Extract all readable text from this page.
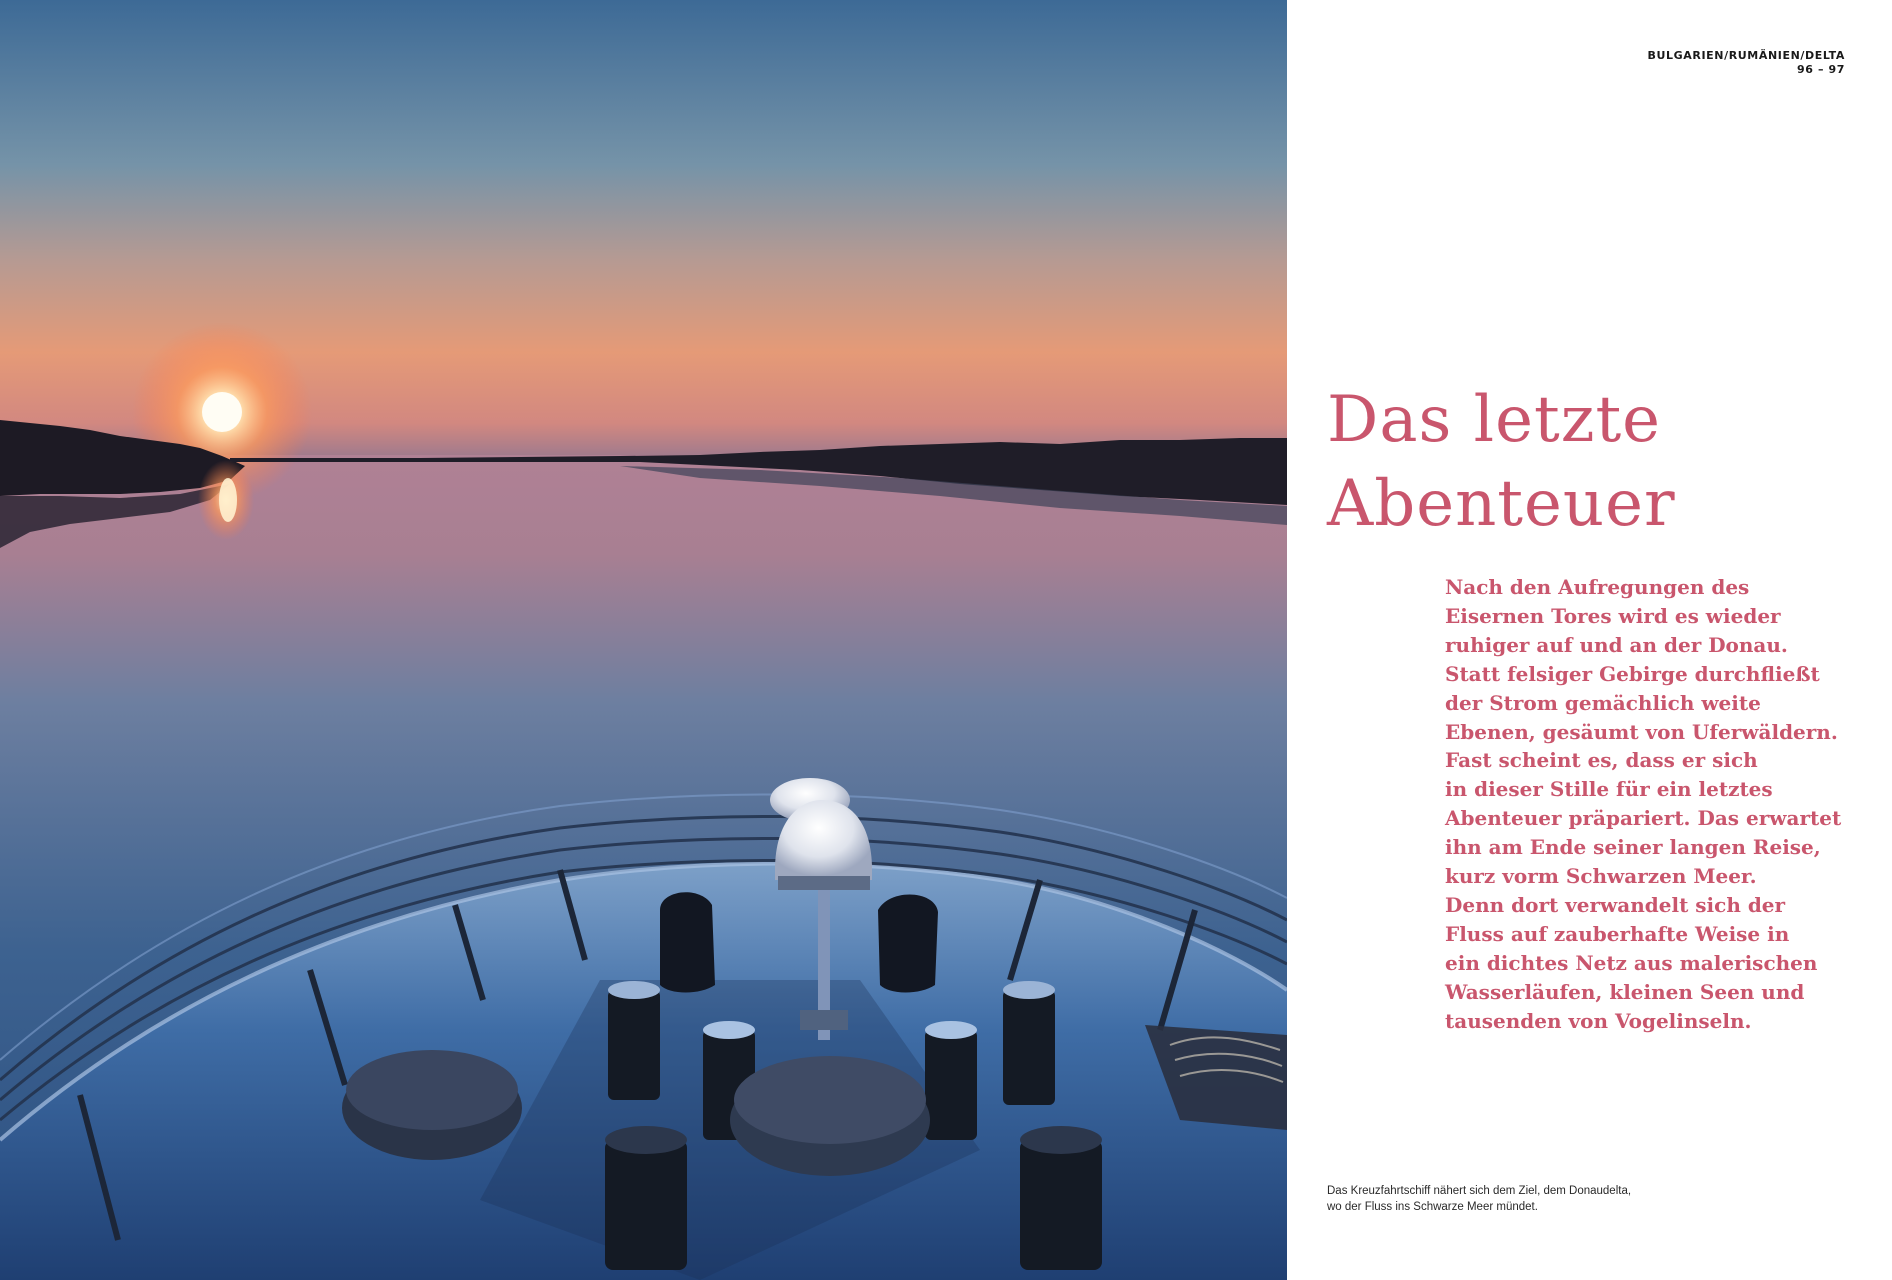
BULGARIEN/RUMÄNIEN/DELTA
96 – 97
Das letzte
Abenteuer

Nach den Aufregungen des
Eisernen Tores wird es wieder
ruhiger auf und an der Donau.
Statt felsiger Gebirge durchfließt
der Strom gemächlich weite
Ebenen, gesäumt von Uferwäldern.
Fast scheint es, dass er sich
in dieser Stille für ein letztes
Abenteuer präpariert. Das erwartet
ihn am Ende seiner langen Reise,
kurz vorm Schwarzen Meer.
Denn dort verwandelt sich der
Fluss auf zauberhafte Weise in
ein dichtes Netz aus malerischen
Wasserläufen, kleinen Seen und
tausenden von Vogelinseln.

Das Kreuzfahrtschiff nähert sich dem Ziel, dem Donaudelta,
wo der Fluss ins Schwarze Meer mündet.
